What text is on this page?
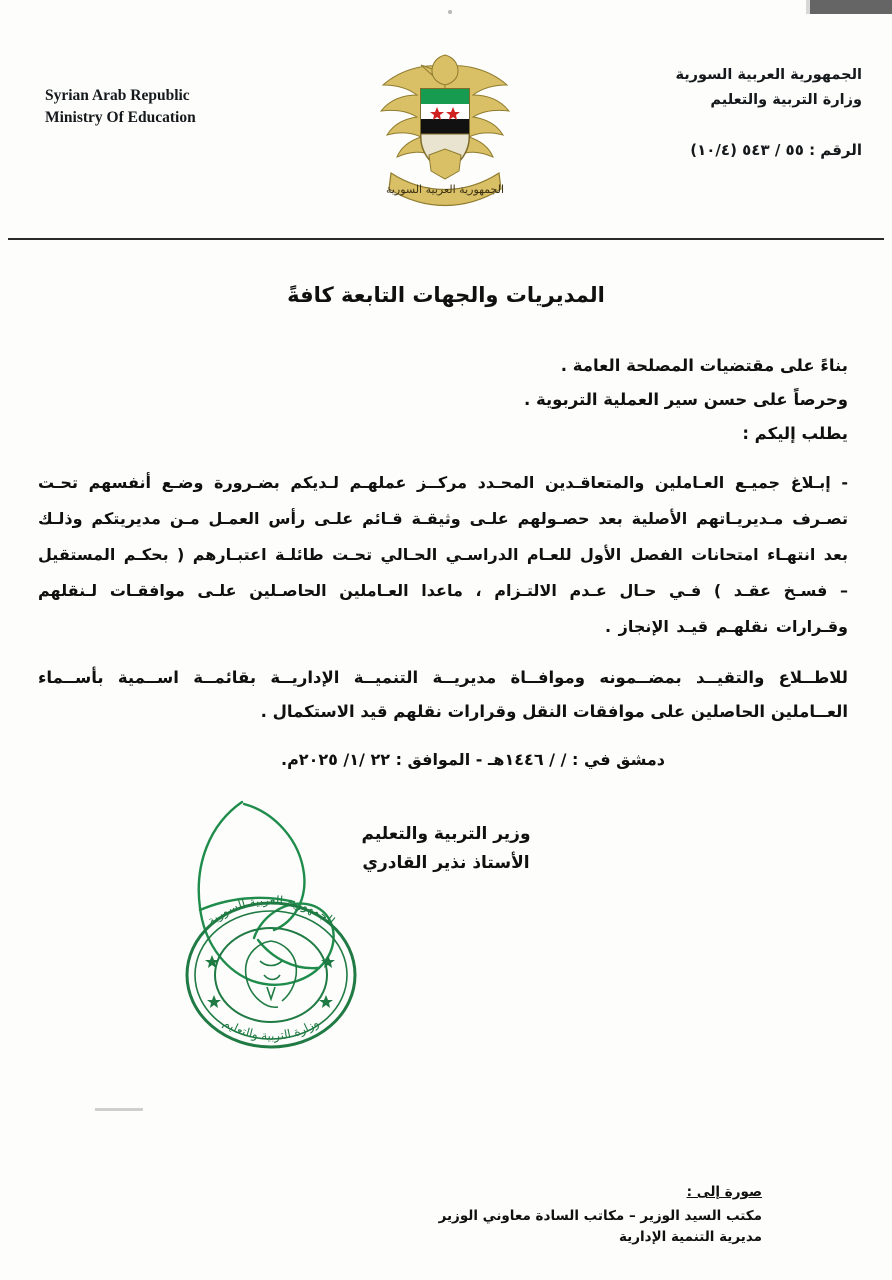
Syrian Arab Republic
Ministry Of Education
الجمهورية العربية السورية
وزارة التربية والتعليم
الرقم : ٥٥ / ٥٤٣ (١٠/٤)
الجمهورية العربية السورية
المديريات والجهات التابعة كافةً
بناءً على مقتضيات المصلحة العامة .
وحرصاً على حسن سير العملية التربوية .
يطلب إليكم :
- إبـلاغ جميـع العـاملين والمتعاقـدين المحـدد مركــز عملهـم لـديكم بضـرورة وضـع أنفسهم تحـت تصـرف مـديريـاتهم الأصلية بعد حصـولهم علـى وثيقـة قـائم علـى رأس العمـل مـن مديريتكم وذلـك بعد انتهـاء امتحانات الفصل الأول للعـام الدراسـي الحـالي تحـت طائلـة اعتبـارهم ( بحكـم المستقيل – فسـخ عقـد ) فـي حـال عـدم الالتـزام ، ماعدا العـاملين الحاصـلين علـى موافقـات لـنقلهم وقـرارات نقلهـم قيـد الإنجاز .
للاطــلاع والتقيــد بمضــمونه وموافــاة مديريــة التنميــة الإداريــة بقائمــة اســمية بأســماء العــاملين الحاصلين على موافقات النقل وقرارات نقلهم قيد الاستكمال .
دمشق في : / / ١٤٤٦هـ - الموافق : ٢٢ /١/ ٢٠٢٥م.
وزير التربية والتعليم
الأستاذ نذير القادري
الجمهورية العربية السورية
وزارة التربية والتعليم
صورة إلى :
مكتب السيد الوزير – مكاتب السادة معاوني الوزير
مديرية التنمية الإدارية
